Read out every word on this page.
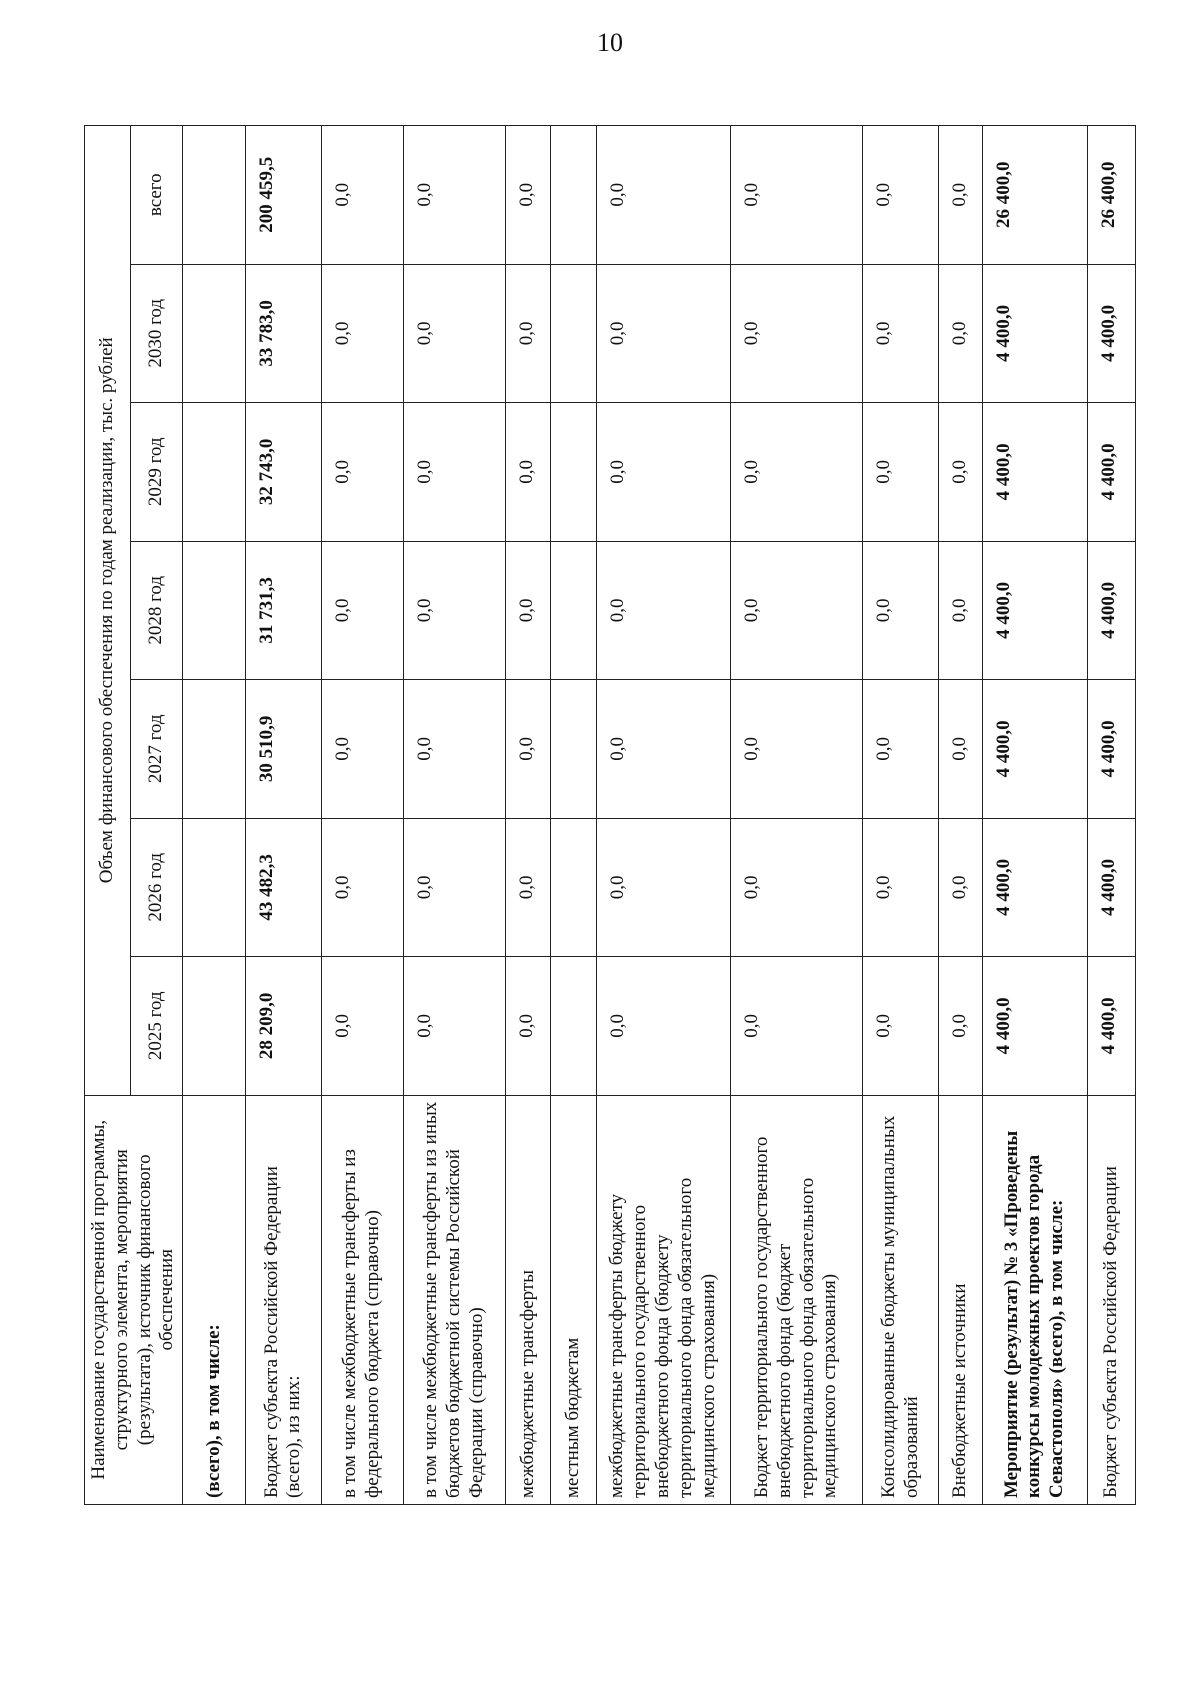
10
Наименование государственной программы, структурного элемента, мероприятия (результата), источник финансового обеспечения	Объем финансового обеспечения по годам реализации, тыс. рублей						
	2025 год	2026 год	2027 год	2028 год	2029 год	2030 год	всего
(всего), в том числе:							
Бюджет субъекта Российской Федерации (всего), из них:	28 209,0	43 482,3	30 510,9	31 731,3	32 743,0	33 783,0	200 459,5
в том числе межбюджетные трансферты из федерального бюджета (справочно)	0,0	0,0	0,0	0,0	0,0	0,0	0,0
в том числе межбюджетные трансферты из иных бюджетов бюджетной системы Российской Федерации (справочно)	0,0	0,0	0,0	0,0	0,0	0,0	0,0
межбюджетные трансферты	0,0	0,0	0,0	0,0	0,0	0,0	0,0
местным бюджетам							
межбюджетные трансферты бюджету территориального государственного внебюджетного фонда (бюджету территориального фонда обязательного медицинского страхования)	0,0	0,0	0,0	0,0	0,0	0,0	0,0
Бюджет территориального государственного внебюджетного фонда (бюджет территориального фонда обязательного медицинского страхования)	0,0	0,0	0,0	0,0	0,0	0,0	0,0
Консолидированные бюджеты муниципальных образований	0,0	0,0	0,0	0,0	0,0	0,0	0,0
Внебюджетные источники	0,0	0,0	0,0	0,0	0,0	0,0	0,0
Мероприятие (результат) № 3 «Проведены конкурсы молодежных проектов города Севастополя» (всего), в том числе:	4 400,0	4 400,0	4 400,0	4 400,0	4 400,0	4 400,0	26 400,0
Бюджет субъекта Российской Федерации	4 400,0	4 400,0	4 400,0	4 400,0	4 400,0	4 400,0	26 400,0
